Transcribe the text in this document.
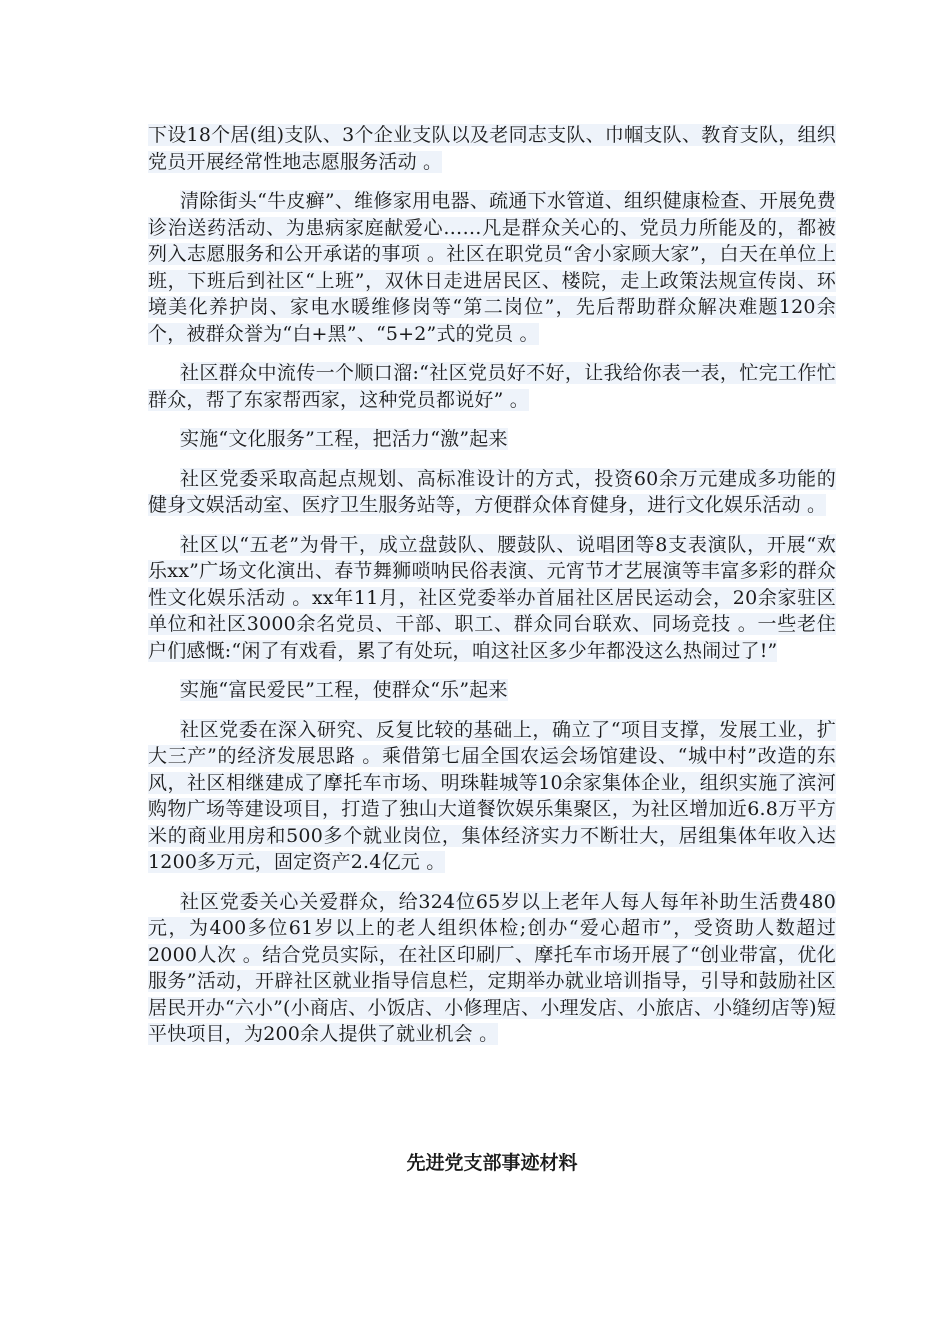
下设18个居(组)支队、3个企业支队以及老同志支队、巾帼支队、教育支队，组织党员开展经常性地志愿服务活动 。

清除街头“牛皮癣”、维修家用电器、疏通下水管道、组织健康检查、开展免费诊治送药活动、为患病家庭献爱心……凡是群众关心的、党员力所能及的，都被列入志愿服务和公开承诺的事项 。社区在职党员“舍小家顾大家”，白天在单位上班，下班后到社区“上班”，双休日走进居民区、楼院，走上政策法规宣传岗、环境美化养护岗、家电水暖维修岗等“第二岗位”，先后帮助群众解决难题120余个，被群众誉为“白+黑”、“5+2”式的党员 。

社区群众中流传一个顺口溜:“社区党员好不好，让我给你表一表，忙完工作忙群众，帮了东家帮西家，这种党员都说好” 。

实施“文化服务”工程，把活力“激”起来

社区党委采取高起点规划、高标准设计的方式，投资60余万元建成多功能的健身文娱活动室、医疗卫生服务站等，方便群众体育健身，进行文化娱乐活动 。

社区以“五老”为骨干，成立盘鼓队、腰鼓队、说唱团等8支表演队，开展“欢乐xx”广场文化演出、春节舞狮唢呐民俗表演、元宵节才艺展演等丰富多彩的群众性文化娱乐活动 。xx年11月，社区党委举办首届社区居民运动会，20余家驻区单位和社区3000余名党员、干部、职工、群众同台联欢、同场竞技 。一些老住户们感慨:“闲了有戏看，累了有处玩，咱这社区多少年都没这么热闹过了!”

实施“富民爱民”工程，使群众“乐”起来

社区党委在深入研究、反复比较的基础上，确立了“项目支撑，发展工业，扩大三产”的经济发展思路 。乘借第七届全国农运会场馆建设、“城中村”改造的东风，社区相继建成了摩托车市场、明珠鞋城等10余家集体企业，组织实施了滨河购物广场等建设项目，打造了独山大道餐饮娱乐集聚区，为社区增加近6.8万平方米的商业用房和500多个就业岗位，集体经济实力不断壮大，居组集体年收入达1200多万元，固定资产2.4亿元 。

社区党委关心关爱群众，给324位65岁以上老年人每人每年补助生活费480元，为400多位61岁以上的老人组织体检;创办“爱心超市”，受资助人数超过2000人次 。结合党员实际，在社区印刷厂、摩托车市场开展了“创业带富，优化服务”活动，开辟社区就业指导信息栏，定期举办就业培训指导，引导和鼓励社区居民开办“六小”(小商店、小饭店、小修理店、小理发店、小旅店、小缝纫店等)短平快项目，为200余人提供了就业机会 。

先进党支部事迹材料
